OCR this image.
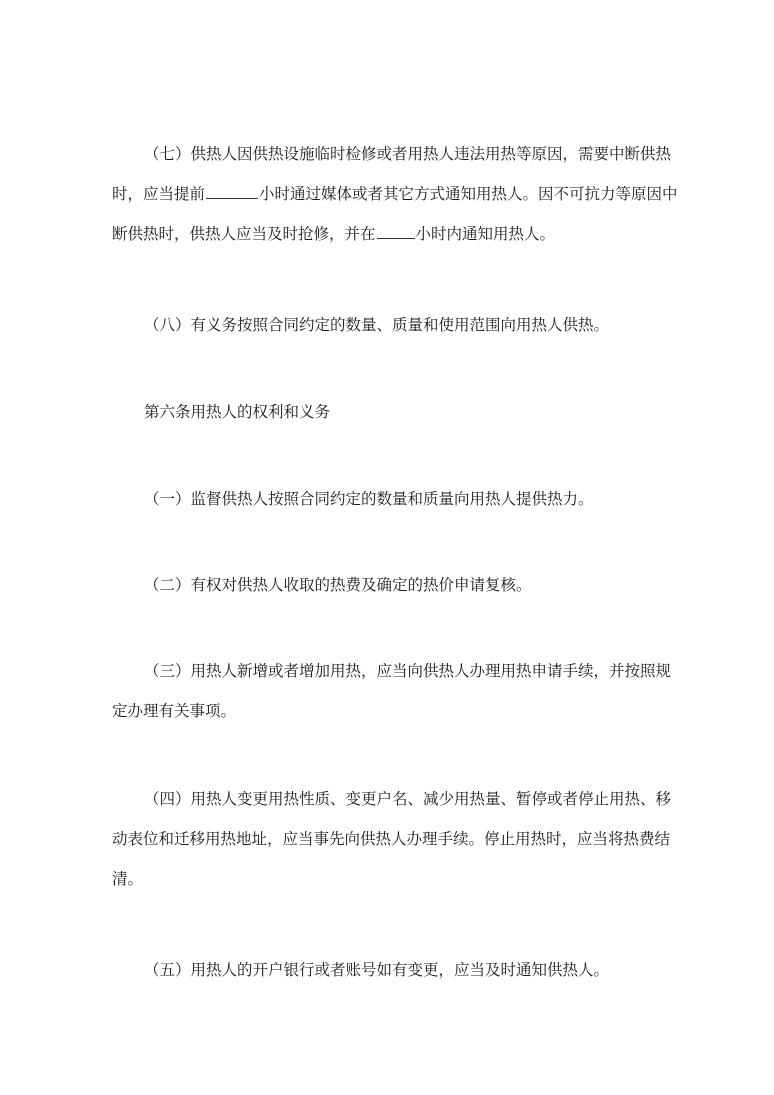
（七）供热人因供热设施临时检修或者用热人违法用热等原因，需要中断供热
时，应当提前	小时通过媒体或者其它方式通知用热人。因不可抗力等原因中
断供热时，供热人应当及时抢修，并在	小时内通知用热人。

（八）有义务按照合同约定的数量、质量和使用范围向用热人供热。

第六条用热人的权利和义务

（一）监督供热人按照合同约定的数量和质量向用热人提供热力。

（二）有权对供热人收取的热费及确定的热价申请复核。

（三）用热人新增或者增加用热，应当向供热人办理用热申请手续，并按照规
定办理有关事项。

（四）用热人变更用热性质、变更户名、减少用热量、暂停或者停止用热、移
动表位和迁移用热地址，应当事先向供热人办理手续。停止用热时，应当将热费结
清。

（五）用热人的开户银行或者账号如有变更，应当及时通知供热人。
